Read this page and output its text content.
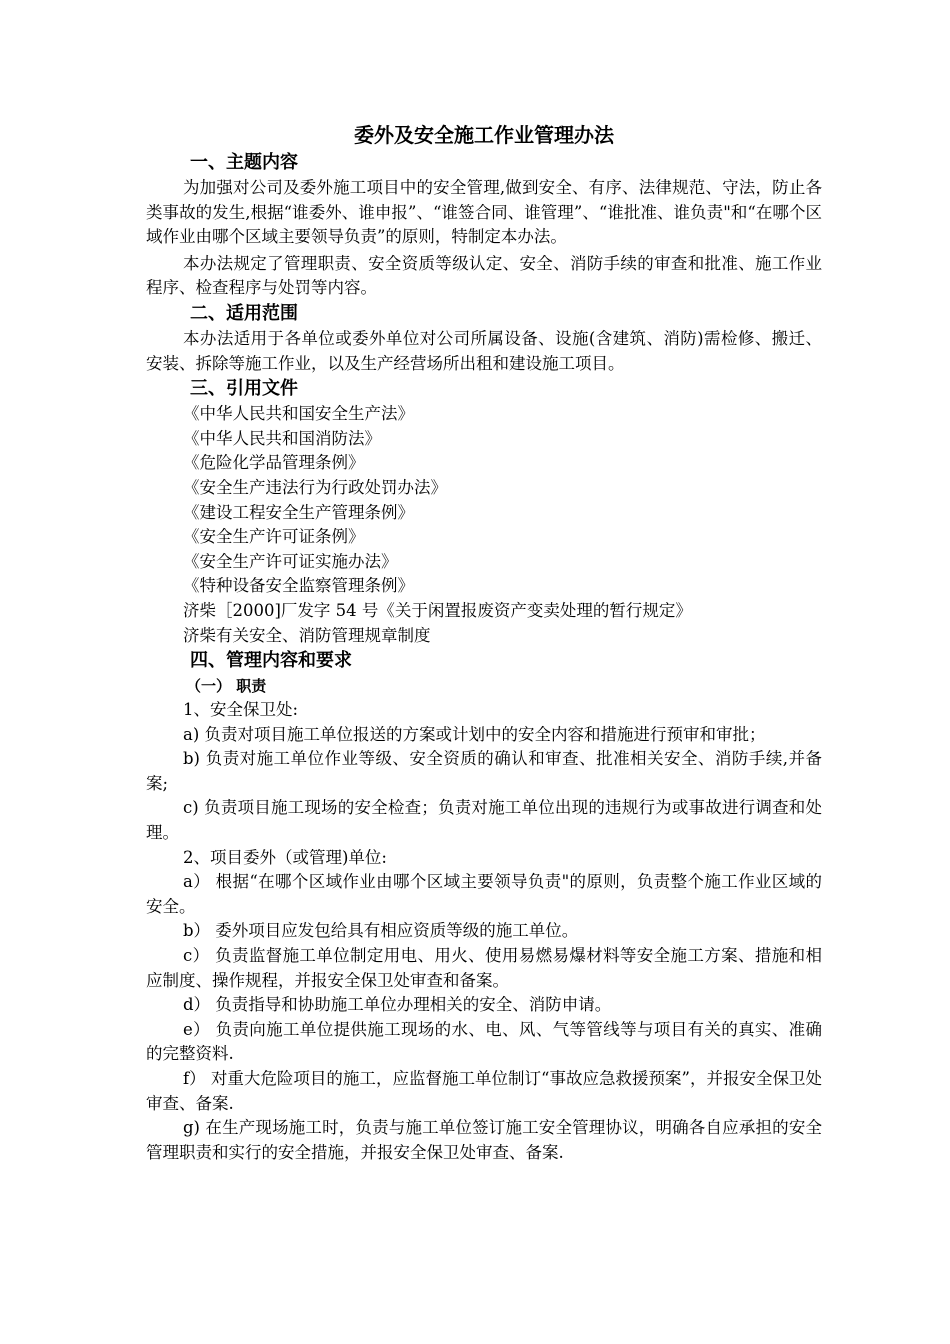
委外及安全施工作业管理办法
一、主题内容

为加强对公司及委外施工项目中的安全管理,做到安全、有序、法律规范、守法，防止各类事故的发生,根据“谁委外、谁申报”、“谁签合同、谁管理”、“谁批准、谁负责"和“在哪个区域作业由哪个区域主要领导负责”的原则，特制定本办法。

本办法规定了管理职责、安全资质等级认定、安全、消防手续的审查和批准、施工作业程序、检查程序与处罚等内容。

二、适用范围

本办法适用于各单位或委外单位对公司所属设备、设施(含建筑、消防)需检修、搬迁、安装、拆除等施工作业，以及生产经营场所出租和建设施工项目。

三、引用文件
《中华人民共和国安全生产法》
《中华人民共和国消防法》
《危险化学品管理条例》
《安全生产违法行为行政处罚办法》
《建设工程安全生产管理条例》
《安全生产许可证条例》
《安全生产许可证实施办法》
《特种设备安全监察管理条例》
济柴［2000]厂发字 54 号《关于闲置报废资产变卖处理的暂行规定》
济柴有关安全、消防管理规章制度
四、管理内容和要求
（一） 职责

1、安全保卫处:

a) 负责对项目施工单位报送的方案或计划中的安全内容和措施进行预审和审批；

b) 负责对施工单位作业等级、安全资质的确认和审查、批准相关安全、消防手续,并备案;

c) 负责项目施工现场的安全检查；负责对施工单位出现的违规行为或事故进行调查和处理。

2、项目委外（或管理)单位:

a） 根据“在哪个区域作业由哪个区域主要领导负责"的原则，负责整个施工作业区域的安全。

b） 委外项目应发包给具有相应资质等级的施工单位。

c） 负责监督施工单位制定用电、用火、使用易燃易爆材料等安全施工方案、措施和相应制度、操作规程，并报安全保卫处审查和备案。

d） 负责指导和协助施工单位办理相关的安全、消防申请。

e） 负责向施工单位提供施工现场的水、电、风、气等管线等与项目有关的真实、准确的完整资料.

f） 对重大危险项目的施工，应监督施工单位制订“事故应急救援预案”，并报安全保卫处审查、备案.

g) 在生产现场施工时，负责与施工单位签订施工安全管理协议，明确各自应承担的安全管理职责和实行的安全措施，并报安全保卫处审查、备案.
